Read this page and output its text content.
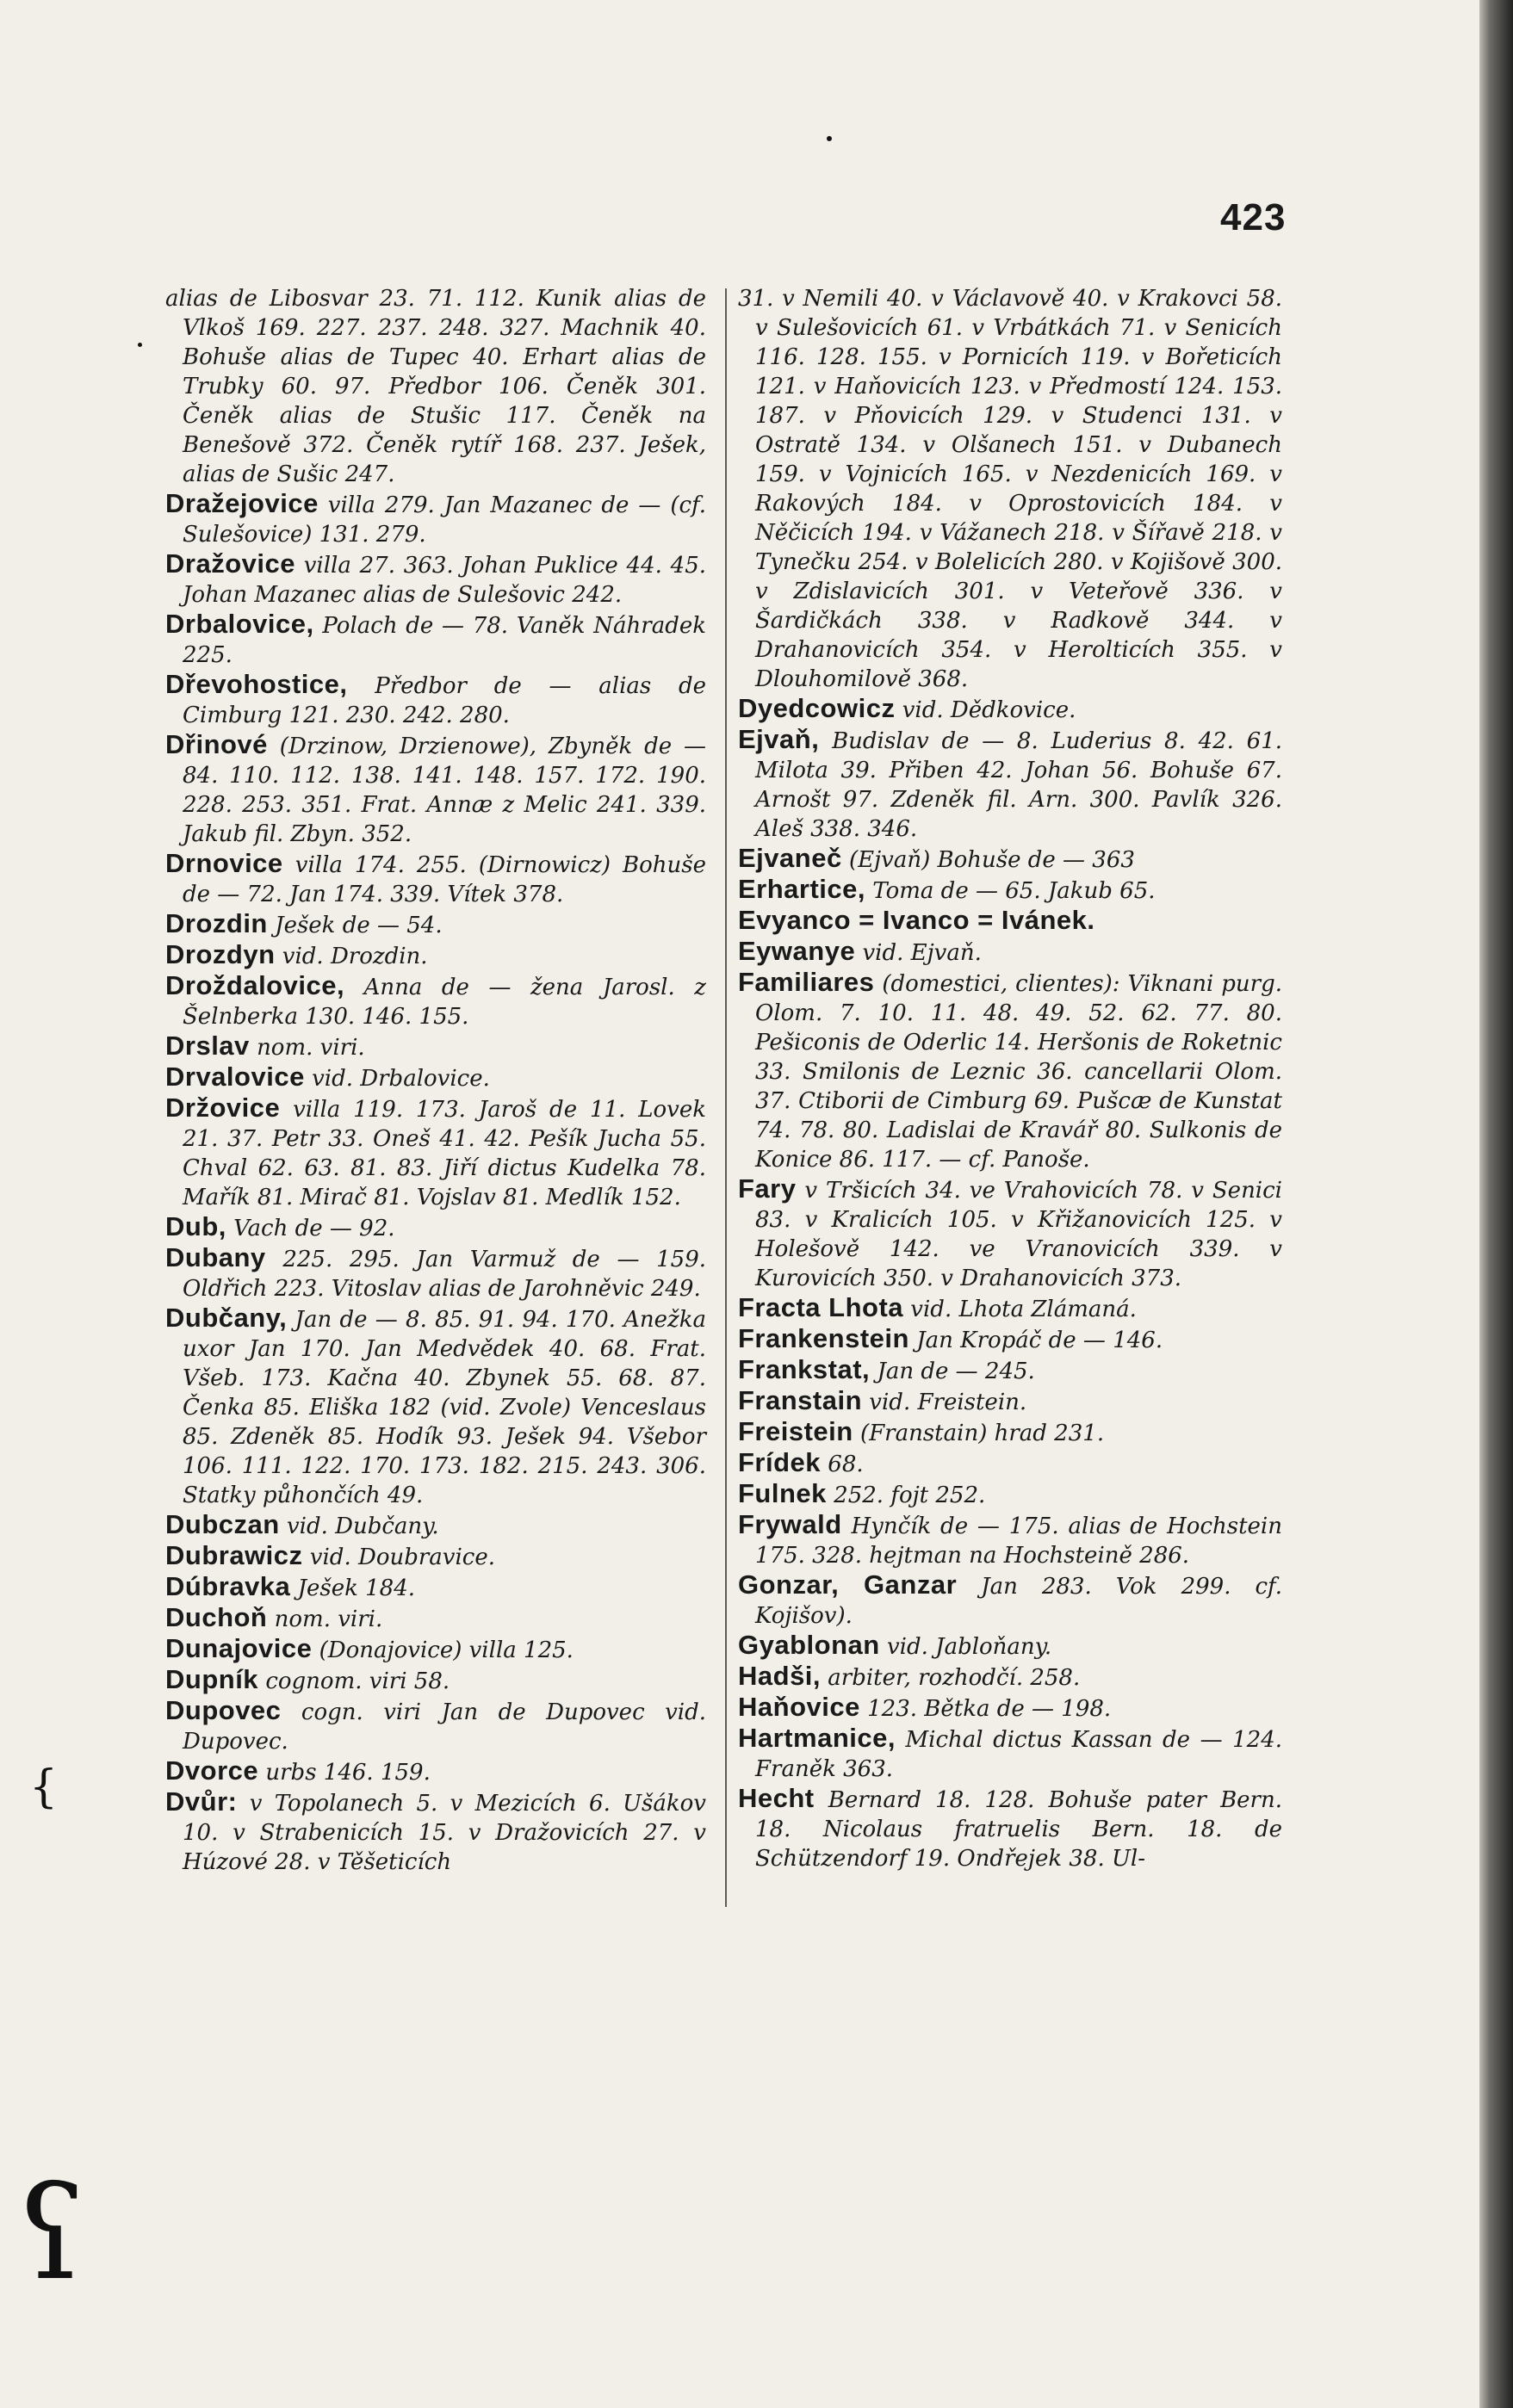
423

alias de Libosvar 23. 71. 112. Kunik alias de Vlkoš 169. 227. 237. 248. 327. Machnik 40. Bohuše alias de Tupec 40. Erhart alias de Trubky 60. 97. Předbor 106. Čeněk 301. Čeněk alias de Stušic 117. Čeněk na Benešově 372. Čeněk rytíř 168. 237. Ješek, alias de Sušic 247.

Dražejovice villa 279. Jan Mazanec de — (cf. Sulešovice) 131. 279.

Dražovice villa 27. 363. Johan Puklice 44. 45. Johan Mazanec alias de Sulešovic 242.

Drbalovice, Polach de — 78. Vaněk Náhradek 225.

Dřevohostice, Předbor de — alias de Cimburg 121. 230. 242. 280.

Dřinové (Drzinow, Drzienowe), Zbyněk de — 84. 110. 112. 138. 141. 148. 157. 172. 190. 228. 253. 351. Frat. Annæ z Melic 241. 339. Jakub fil. Zbyn. 352.

Drnovice villa 174. 255. (Dirnowicz) Bohuše de — 72. Jan 174. 339. Vítek 378.

Drozdin Ješek de — 54.

Drozdyn vid. Drozdin.

Droždalovice, Anna de — žena Jarosl. z Šelnberka 130. 146. 155.

Drslav nom. viri.

Drvalovice vid. Drbalovice.

Držovice villa 119. 173. Jaroš de 11. Lovek 21. 37. Petr 33. Oneš 41. 42. Pešík Jucha 55. Chval 62. 63. 81. 83. Jiří dictus Kudelka 78. Mařík 81. Mirač 81. Vojslav 81. Medlík 152.

Dub, Vach de — 92.

Dubany 225. 295. Jan Varmuž de — 159. Oldřich 223. Vitoslav alias de Jarohněvic 249.

Dubčany, Jan de — 8. 85. 91. 94. 170. Anežka uxor Jan 170. Jan Medvědek 40. 68. Frat. Všeb. 173. Kačna 40. Zbynek 55. 68. 87. Čenka 85. Eliška 182 (vid. Zvole) Venceslaus 85. Zdeněk 85. Hodík 93. Ješek 94. Všebor 106. 111. 122. 170. 173. 182. 215. 243. 306. Statky půhončích 49.

Dubczan vid. Dubčany.

Dubrawicz vid. Doubravice.

Dúbravka Ješek 184.

Duchoň nom. viri.

Dunajovice (Donajovice) villa 125.

Dupník cognom. viri 58.

Dupovec cogn. viri Jan de Dupovec vid. Dupovec.

Dvorce urbs 146. 159.

Dvůr: v Topolanech 5. v Mezicích 6. Ušákov 10. v Strabenicích 15. v Dražovicích 27. v Húzové 28. v Těšeticích

31. v Nemili 40. v Václavově 40. v Krakovci 58. v Sulešovicích 61. v Vrbátkách 71. v Senicích 116. 128. 155. v Pornicích 119. v Bořeticích 121. v Haňovicích 123. v Předmostí 124. 153. 187. v Pňovicích 129. v Studenci 131. v Ostratě 134. v Olšanech 151. v Dubanech 159. v Vojnicích 165. v Nezdenicích 169. v Rakových 184. v Oprostovicích 184. v Něčicích 194. v Vážanech 218. v Šířavě 218. v Tynečku 254. v Bolelicích 280. v Kojišově 300. v Zdislavicích 301. v Veteřově 336. v Šardičkách 338. v Radkově 344. v Drahanovicích 354. v Herolticích 355. v Dlouhomilově 368.

Dyedcowicz vid. Dědkovice.

Ejvaň, Budislav de — 8. Luderius 8. 42. 61. Milota 39. Přiben 42. Johan 56. Bohuše 67. Arnošt 97. Zdeněk fil. Arn. 300. Pavlík 326. Aleš 338. 346.

Ejvaneč (Ejvaň) Bohuše de — 363

Erhartice, Toma de — 65. Jakub 65.

Evyanco = Ivanco = Ivánek.

Eywanye vid. Ejvaň.

Familiares (domestici, clientes): Viknani purg. Olom. 7. 10. 11. 48. 49. 52. 62. 77. 80. Pešiconis de Oderlic 14. Heršonis de Roketnic 33. Smilonis de Leznic 36. cancellarii Olom. 37. Ctiborii de Cimburg 69. Pušcæ de Kunstat 74. 78. 80. Ladislai de Kravář 80. Sulkonis de Konice 86. 117. — cf. Panoše.

Fary v Tršicích 34. ve Vrahovicích 78. v Senici 83. v Kralicích 105. v Křižanovicích 125. v Holešově 142. ve Vranovicích 339. v Kurovicích 350. v Drahanovicích 373.

Fracta Lhota vid. Lhota Zlámaná.

Frankenstein Jan Kropáč de — 146.

Frankstat, Jan de — 245.

Franstain vid. Freistein.

Freistein (Franstain) hrad 231.

Frídek 68.

Fulnek 252. fojt 252.

Frywald Hynčík de — 175. alias de Hochstein 175. 328. hejtman na Hochsteině 286.

Gonzar, Ganzar Jan 283. Vok 299. cf. Kojišov).

Gyablonan vid. Jabloňany.

Hadši, arbiter, rozhodčí. 258.

Haňovice 123. Bětka de — 198.

Hartmanice, Michal dictus Kassan de — 124. Franěk 363.

Hecht Bernard 18. 128. Bohuše pater Bern. 18. Nicolaus fratruelis Bern. 18. de Schützendorf 19. Ondřejek 38. Ul-

{
ʕ
